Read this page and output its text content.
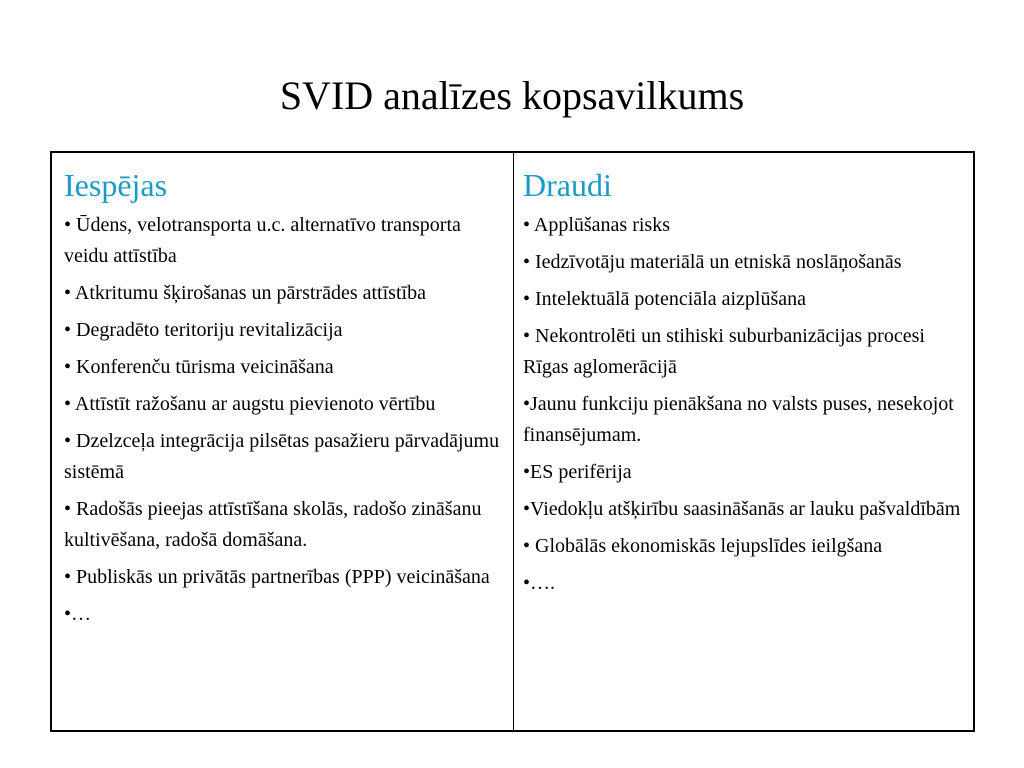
SVID analīzes kopsavilkums
Iespējas
• Ūdens, velotransporta u.c. alternatīvo transporta veidu attīstība
• Atkritumu šķirošanas un pārstrādes attīstība
• Degradēto teritoriju revitalizācija
• Konferenču tūrisma veicināšana
• Attīstīt ražošanu ar augstu pievienoto vērtību
• Dzelzceļa integrācija pilsētas pasažieru pārvadājumu sistēmā
• Radošās pieejas attīstīšana skolās, radošo zināšanu kultivēšana, radošā domāšana.
• Publiskās un privātās partnerības (PPP) veicināšana
•…
Draudi
• Applūšanas risks
• Iedzīvotāju materiālā un etniskā noslāņošanās
• Intelektuālā potenciāla aizplūšana
• Nekontrolēti un stihiski suburbanizācijas procesi Rīgas aglomerācijā
•Jaunu funkciju pienākšana no valsts puses, nesekojot finansējumam.
•ES perifērija
•Viedokļu atšķirību saasināšanās ar lauku pašvaldībām
• Globālās ekonomiskās lejupslīdes ieilgšana
•….
